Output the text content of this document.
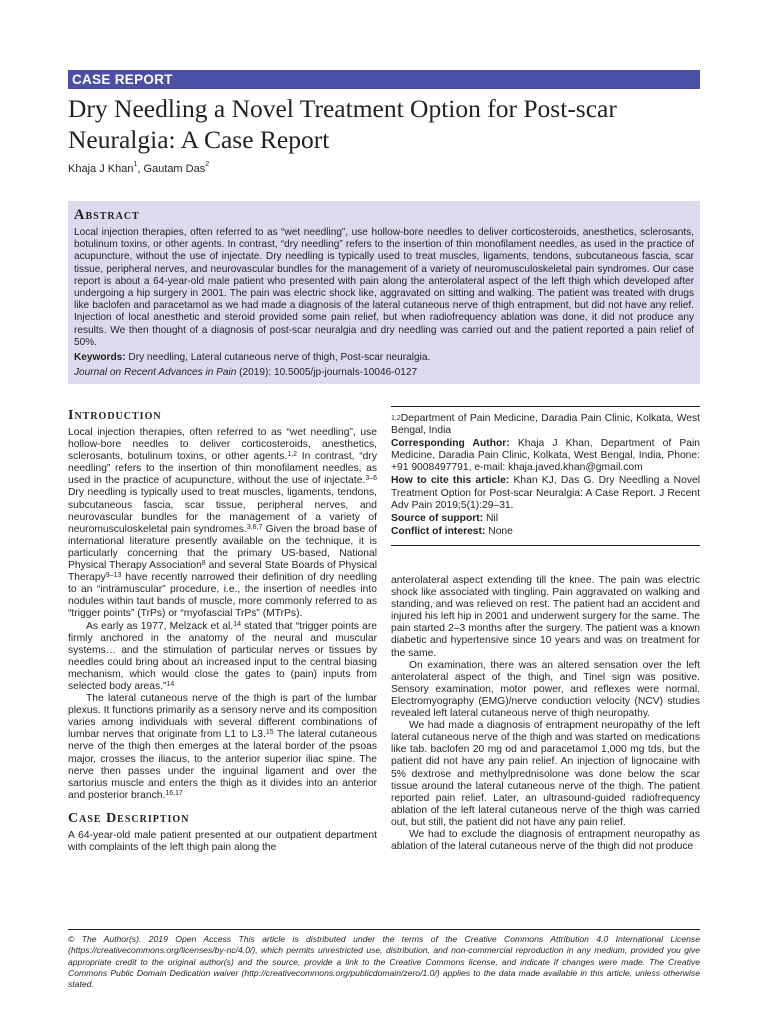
CASE REPORT
Dry Needling a Novel Treatment Option for Post-scar Neuralgia: A Case Report
Khaja J Khan$^1$, Gautam Das$^2$
Abstract
Local injection therapies, often referred to as “wet needling”, use hollow-bore needles to deliver corticosteroids, anesthetics, sclerosants, botulinum toxins, or other agents. In contrast, “dry needling” refers to the insertion of thin monofilament needles, as used in the practice of acupuncture, without the use of injectate. Dry needling is typically used to treat muscles, ligaments, tendons, subcutaneous fascia, scar tissue, peripheral nerves, and neurovascular bundles for the management of a variety of neuromusculoskeletal pain syndromes. Our case report is about a 64-year-old male patient who presented with pain along the anterolateral aspect of the left thigh which developed after undergoing a hip surgery in 2001. The pain was electric shock like, aggravated on sitting and walking. The patient was treated with drugs like baclofen and paracetamol as we had made a diagnosis of the lateral cutaneous nerve of thigh entrapment, but did not have any relief. Injection of local anesthetic and steroid provided some pain relief, but when radiofrequency ablation was done, it did not produce any results. We then thought of a diagnosis of post-scar neuralgia and dry needling was carried out and the patient reported a pain relief of 50%.
Keywords: Dry needling, Lateral cutaneous nerve of thigh, Post-scar neuralgia.
Journal on Recent Advances in Pain (2019): 10.5005/jp-journals-10046-0127
Introduction

Local injection therapies, often referred to as “wet needling”, use hollow-bore needles to deliver corticosteroids, anesthetics, sclerosants, botulinum toxins, or other agents.$^{1,2}$ In contrast, “dry needling” refers to the insertion of thin monofilament needles, as used in the practice of acupuncture, without the use of injectate.$^{3-6}$ Dry needling is typically used to treat muscles, ligaments, tendons, subcutaneous fascia, scar tissue, peripheral nerves, and neurovascular bundles for the management of a variety of neuromusculoskeletal pain syndromes.$^{3,6,7}$ Given the broad base of international literature presently available on the technique, it is particularly concerning that the primary US-based, National Physical Therapy Association$^8$ and several State Boards of Physical Therapy$^{9-13}$ have recently narrowed their definition of dry needling to an “intramuscular” procedure, i.e., the insertion of needles into nodules within taut bands of muscle, more commonly referred to as “trigger points” (TrPs) or “myofascial TrPs” (MTrPs).

As early as 1977, Melzack et al.$^{14}$ stated that “trigger points are firmly anchored in the anatomy of the neural and muscular systems… and the stimulation of particular nerves or tissues by needles could bring about an increased input to the central biasing mechanism, which would close the gates to (pain) inputs from selected body areas.”$^{14}$

The lateral cutaneous nerve of the thigh is part of the lumbar plexus. It functions primarily as a sensory nerve and its composition varies among individuals with several different combinations of lumbar nerves that originate from L1 to L3.15 The lateral cutaneous nerve of the thigh then emerges at the lateral border of the psoas major, crosses the iliacus, to the anterior superior iliac spine. The nerve then passes under the inguinal ligament and over the sartorius muscle and enters the thigh as it divides into an anterior and posterior branch.$^{16,17}$

Case Description

A 64-year-old male patient presented at our outpatient department with complaints of the left thigh pain along the

$^{1,2}$Department of Pain Medicine, Daradia Pain Clinic, Kolkata, West Bengal, India

Corresponding Author: Khaja J Khan, Department of Pain Medicine, Daradia Pain Clinic, Kolkata, West Bengal, India, Phone: +91 9008497791, e-mail: khaja.javed.khan@gmail.com

How to cite this article: Khan KJ, Das G. Dry Needling a Novel Treatment Option for Post-scar Neuralgia: A Case Report. J Recent Adv Pain 2019;5(1):29–31.

Source of support: Nil

Conflict of interest: None

anterolateral aspect extending till the knee. The pain was electric shock like associated with tingling. Pain aggravated on walking and standing, and was relieved on rest. The patient had an accident and injured his left hip in 2001 and underwent surgery for the same. The pain started 2–3 months after the surgery. The patient was a known diabetic and hypertensive since 10 years and was on treatment for the same.

On examination, there was an altered sensation over the left anterolateral aspect of the thigh, and Tinel sign was positive. Sensory examination, motor power, and reflexes were normal. Electromyography (EMG)/nerve conduction velocity (NCV) studies revealed left lateral cutaneous nerve of thigh neuropathy.

We had made a diagnosis of entrapment neuropathy of the left lateral cutaneous nerve of the thigh and was started on medications like tab. baclofen 20 mg od and paracetamol 1,000 mg tds, but the patient did not have any pain relief. An injection of lignocaine with 5% dextrose and methylprednisolone was done below the scar tissue around the lateral cutaneous nerve of the thigh. The patient reported pain relief. Later, an ultrasound-guided radiofrequency ablation of the left lateral cutaneous nerve of the thigh was carried out, but still, the patient did not have any pain relief.

We had to exclude the diagnosis of entrapment neuropathy as ablation of the lateral cutaneous nerve of the thigh did not produce

© The Author(s). 2019 Open Access This article is distributed under the terms of the Creative Commons Attribution 4.0 International License (https://creativecommons.org/licenses/by-nc/4.0/), which permits unrestricted use, distribution, and non-commercial reproduction in any medium, provided you give appropriate credit to the original author(s) and the source, provide a link to the Creative Commons license, and indicate if changes were made. The Creative Commons Public Domain Dedication waiver (http://creativecommons.org/publicdomain/zero/1.0/) applies to the data made available in this article, unless otherwise stated.
